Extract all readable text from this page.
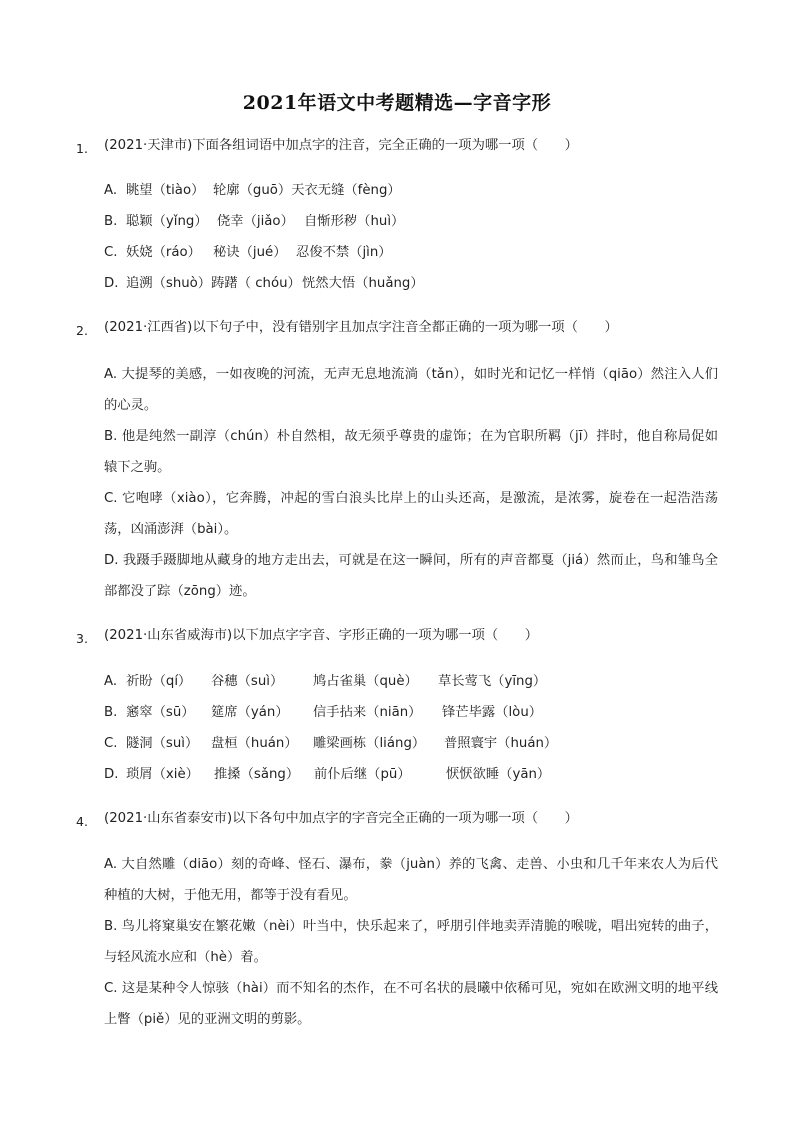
2021年语文中考题精选—字音字形
1. (2021·天津市)下面各组词语中加点字的注音，完全正确的一项为哪一项（　　）
A. 眺望（tiào） 轮廓（guō）天衣无缝（fèng）
B. 聪颖（yǐng） 侥幸（jiǎo） 自惭形秽（huì）
C. 妖娆（ráo） 秘诀（jué） 忍俊不禁（jìn）
D. 追溯（shuò）踌躇（ chóu） 恍然大悟（huǎng）
2. (2021·江西省)以下句子中，没有错别字且加点字注音全都正确的一项为哪一项（　　）
A. 大提琴的美感，一如夜晚的河流，无声无息地流淌（tǎn），如时光和记忆一样悄（qiāo）然注入人们的心灵。
B. 他是纯然一副淳（chún）朴自然相，故无须乎尊贵的虚饰；在为官职所羁（jī）拌时，他自称局促如辕下之驹。
C. 它咆哮（xiào），它奔腾，冲起的雪白浪头比岸上的山头还高，是激流，是浓雾，旋卷在一起浩浩荡荡，凶涌澎湃（bài）。
D. 我蹑手蹑脚地从藏身的地方走出去，可就是在这一瞬间，所有的声音都戛（jiá）然而止，鸟和雏鸟全部都没了踪（zōng）迹。
3. (2021·山东省威海市)以下加点字字音、字形正确的一项为哪一项（　　）
A. 祈盼（qí） 谷穗（suì） 鸠占雀巢（què） 草长莺飞（yīng）
B. 窸窣（sū） 筵席（yán） 信手拈来（niān） 锋芒毕露（lòu）
C. 隧洞（suì） 盘桓（huán） 雕梁画栋（liáng） 普照寰宇（huán）
D. 琐屑（xiè） 推搡（sǎng） 前仆后继（pū）	恹恹欲睡（yān）
4. (2021·山东省泰安市)以下各句中加点字的字音完全正确的一项为哪一项（　　）
A. 大自然雕（diāo）刻的奇峰、怪石、瀑布，豢（juàn）养的飞禽、走兽、小虫和几千年来农人为后代种植的大树，于他无用，都等于没有看见。
B. 鸟儿将窠巢安在繁花嫩（nèi）叶当中，快乐起来了，呼朋引伴地卖弄清脆的喉咙，唱出宛转的曲子，与轻风流水应和（hè）着。
C. 这是某种令人惊骇（hài）而不知名的杰作，在不可名状的晨曦中依稀可见，宛如在欧洲文明的地平线上瞥（piě）见的亚洲文明的剪影。
